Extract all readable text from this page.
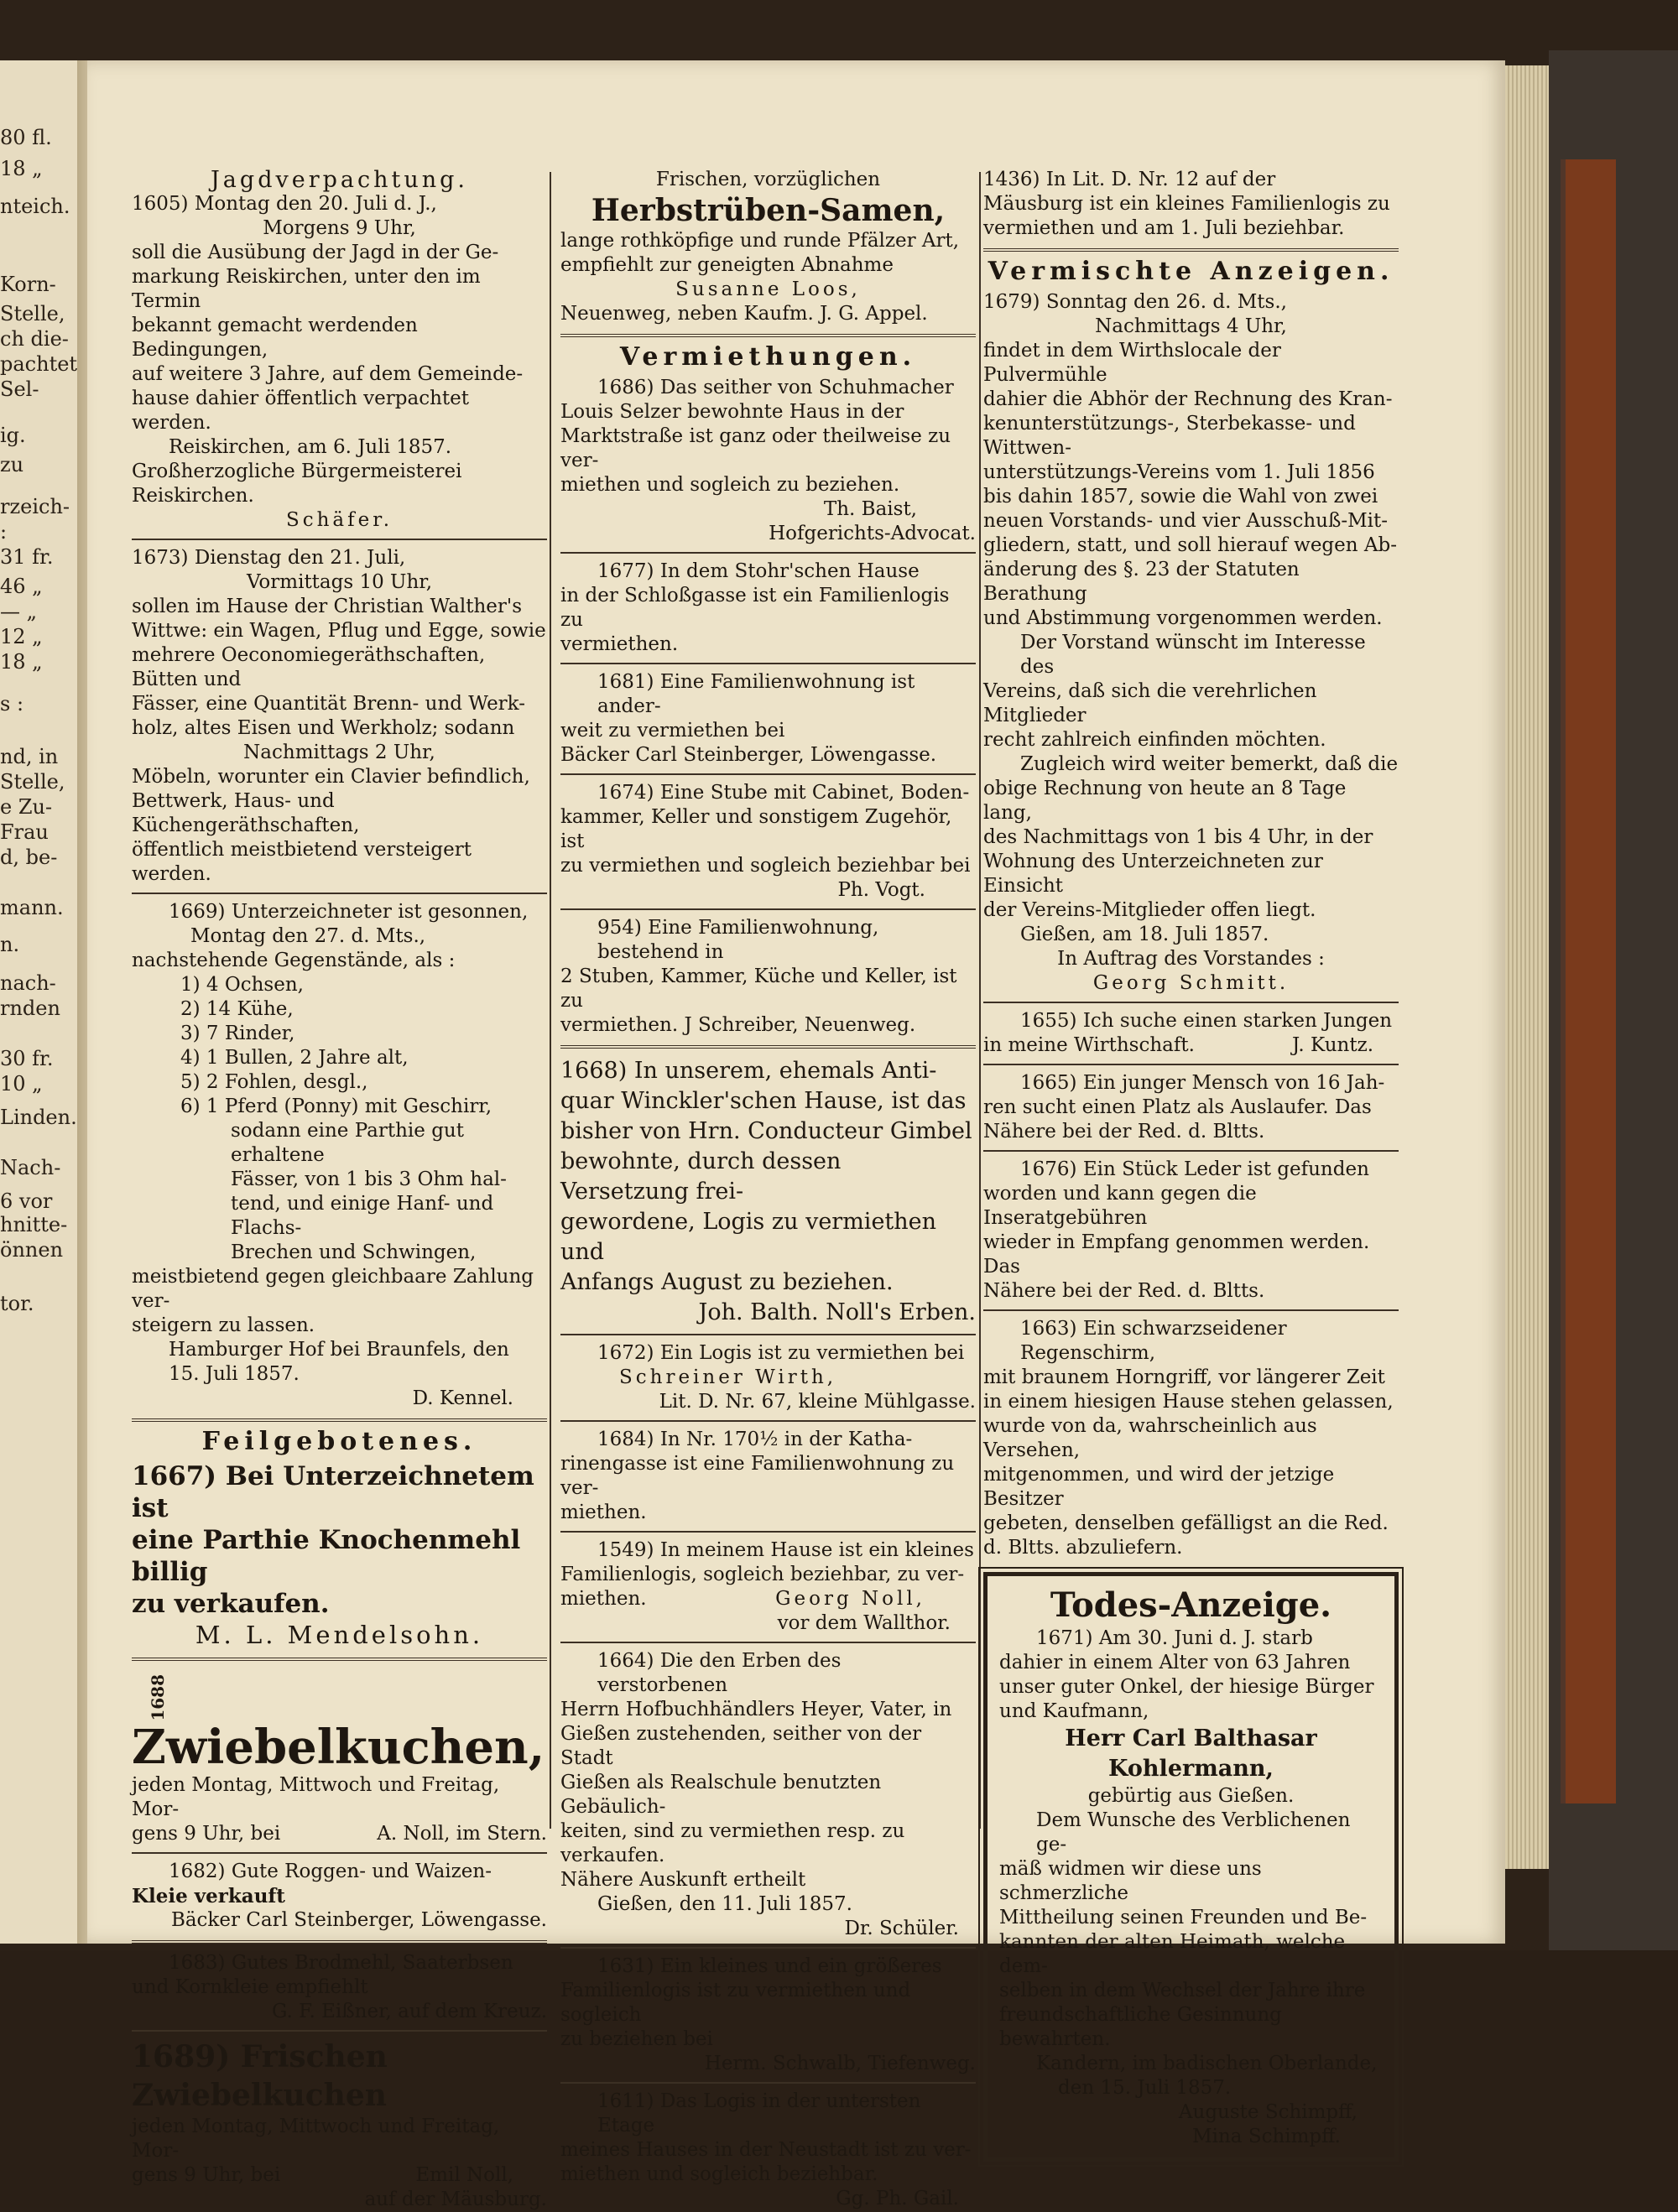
80 fl.
18 „
nteich.
Korn-
Stelle,
ch die-
pachtet
Sel-
ig.
zu
rzeich-
:
31 fr.
46 „
— „
12 „
18 „
s :
nd, in
Stelle,
e Zu-
Frau
d, be-
mann.
n.
nach-
rnden
30 fr.
10 „
Linden.
Nach-
6 vor
hnitte-
önnen
tor.

Jagdverpachtung.

1605) Montag den 20. Juli d. J.,

Morgens 9 Uhr,

soll die Ausübung der Jagd in der Ge-

markung Reiskirchen, unter den im Termin

bekannt gemacht werdenden Bedingungen,

auf weitere 3 Jahre, auf dem Gemeinde-

hause dahier öffentlich verpachtet werden.

Reiskirchen, am 6. Juli 1857.

Großherzogliche Bürgermeisterei Reiskirchen.

Schäfer.

1673) Dienstag den 21. Juli,

Vormittags 10 Uhr,

sollen im Hause der Christian Walther's

Wittwe: ein Wagen, Pflug und Egge, sowie

mehrere Oeconomiegeräthschaften, Bütten und

Fässer, eine Quantität Brenn- und Werk-

holz, altes Eisen und Werkholz; sodann

Nachmittags 2 Uhr,

Möbeln, worunter ein Clavier befindlich,

Bettwerk, Haus- und Küchengeräthschaften,

öffentlich meistbietend versteigert werden.

1669) Unterzeichneter ist gesonnen,

Montag den 27. d. Mts.,

nachstehende Gegenstände, als :

1) 4 Ochsen,
2) 14 Kühe,
3) 7 Rinder,
4) 1 Bullen, 2 Jahre alt,
5) 2 Fohlen, desgl.,
6) 1 Pferd (Ponny) mit Geschirr,
sodann eine Parthie gut erhaltene
Fässer, von 1 bis 3 Ohm hal-
tend, und einige Hanf- und Flachs-
Brechen und Schwingen,

meistbietend gegen gleichbaare Zahlung ver-

steigern zu lassen.

Hamburger Hof bei Braunfels, den

15. Juli 1857.

D. Kennel.

Feilgebotenes.

1667) Bei Unterzeichnetem ist

eine Parthie Knochenmehl billig

zu verkaufen.

M. L. Mendelsohn.

1688Zwiebelkuchen,

jeden Montag, Mittwoch und Freitag, Mor-

gens 9 Uhr, bei	A. Noll, im Stern.

1682) Gute Roggen- und Waizen-

Kleie verkauft

Bäcker Carl Steinberger, Löwengasse.

1683) Gutes Brodmehl, Saaterbsen

und Kornkleie empfiehlt

G. F. Eißner, auf dem Kreuz.

1689) Frischen Zwiebelkuchen

jeden Montag, Mittwoch und Freitag, Mor-

gens 9 Uhr, bei	Emil Noll,

auf der Mäusburg.

Frischen, vorzüglichen

Herbstrüben-Samen,

lange rothköpfige und runde Pfälzer Art,

empfiehlt zur geneigten Abnahme

Susanne Loos,

Neuenweg, neben Kaufm. J. G. Appel.

Vermiethungen.

1686) Das seither von Schuhmacher

Louis Selzer bewohnte Haus in der

Marktstraße ist ganz oder theilweise zu ver-

miethen und sogleich zu beziehen.

Th. Baist,

Hofgerichts-Advocat.

1677) In dem Stohr'schen Hause

in der Schloßgasse ist ein Familienlogis zu

vermiethen.

1681) Eine Familienwohnung ist ander-

weit zu vermiethen bei

Bäcker Carl Steinberger, Löwengasse.

1674) Eine Stube mit Cabinet, Boden-

kammer, Keller und sonstigem Zugehör, ist

zu vermiethen und sogleich beziehbar bei

Ph. Vogt.

954) Eine Familienwohnung, bestehend in

2 Stuben, Kammer, Küche und Keller, ist zu

vermiethen. J Schreiber, Neuenweg.

1668) In unserem, ehemals Anti-

quar Winckler'schen Hause, ist das

bisher von Hrn. Conducteur Gimbel

bewohnte, durch dessen Versetzung frei-

gewordene, Logis zu vermiethen und

Anfangs August zu beziehen.

Joh. Balth. Noll's Erben.

1672) Ein Logis ist zu vermiethen bei

Schreiner Wirth,

Lit. D. Nr. 67, kleine Mühlgasse.

1684) In Nr. 170½ in der Katha-

rinengasse ist eine Familienwohnung zu ver-

miethen.

1549) In meinem Hause ist ein kleines

Familienlogis, sogleich beziehbar, zu ver-

miethen.	Georg Noll,

vor dem Wallthor.

1664) Die den Erben des verstorbenen

Herrn Hofbuchhändlers Heyer, Vater, in

Gießen zustehenden, seither von der Stadt

Gießen als Realschule benutzten Gebäulich-

keiten, sind zu vermiethen resp. zu verkaufen.

Nähere Auskunft ertheilt

Gießen, den 11. Juli 1857.

Dr. Schüler.

1631) Ein kleines und ein größeres

Familienlogis ist zu vermiethen und sogleich

zu beziehen bei

Herm. Schwalb, Tiefenweg.

1611) Das Logis in der untersten Etage

meines Hauses in der Neustadt ist zu ver-

miethen und sogleich beziehbar.

Gg. Ph. Gail.

1436) In Lit. D. Nr. 12 auf der

Mäusburg ist ein kleines Familienlogis zu

vermiethen und am 1. Juli beziehbar.

Vermischte Anzeigen.

1679) Sonntag den 26. d. Mts.,

Nachmittags 4 Uhr,

findet in dem Wirthslocale der Pulvermühle

dahier die Abhör der Rechnung des Kran-

kenunterstützungs-, Sterbekasse- und Wittwen-

unterstützungs-Vereins vom 1. Juli 1856

bis dahin 1857, sowie die Wahl von zwei

neuen Vorstands- und vier Ausschuß-Mit-

gliedern, statt, und soll hierauf wegen Ab-

änderung des §. 23 der Statuten Berathung

und Abstimmung vorgenommen werden.

Der Vorstand wünscht im Interesse des

Vereins, daß sich die verehrlichen Mitglieder

recht zahlreich einfinden möchten.

Zugleich wird weiter bemerkt, daß die

obige Rechnung von heute an 8 Tage lang,

des Nachmittags von 1 bis 4 Uhr, in der

Wohnung des Unterzeichneten zur Einsicht

der Vereins-Mitglieder offen liegt.

Gießen, am 18. Juli 1857.

In Auftrag des Vorstandes :

Georg Schmitt.

1655) Ich suche einen starken Jungen

in meine Wirthschaft.	J. Kuntz.

1665) Ein junger Mensch von 16 Jah-

ren sucht einen Platz als Auslaufer. Das

Nähere bei der Red. d. Bltts.

1676) Ein Stück Leder ist gefunden

worden und kann gegen die Inseratgebühren

wieder in Empfang genommen werden. Das

Nähere bei der Red. d. Bltts.

1663) Ein schwarzseidener Regenschirm,

mit braunem Horngriff, vor längerer Zeit

in einem hiesigen Hause stehen gelassen,

wurde von da, wahrscheinlich aus Versehen,

mitgenommen, und wird der jetzige Besitzer

gebeten, denselben gefälligst an die Red.

d. Bltts. abzuliefern.

Todes-Anzeige.

1671) Am 30. Juni d. J. starb

dahier in einem Alter von 63 Jahren

unser guter Onkel, der hiesige Bürger

und Kaufmann,

Herr Carl Balthasar Kohlermann,

gebürtig aus Gießen.

Dem Wunsche des Verblichenen ge-

mäß widmen wir diese uns schmerzliche

Mittheilung seinen Freunden und Be-

kannten der alten Heimath, welche dem-

selben in dem Wechsel der Jahre ihre

freundschaftliche Gesinnung bewahrten.

Kandern, im badischen Oberlande,

den 15. Juli 1857.

Auguste Schimpff,

Mina Schimpff.
